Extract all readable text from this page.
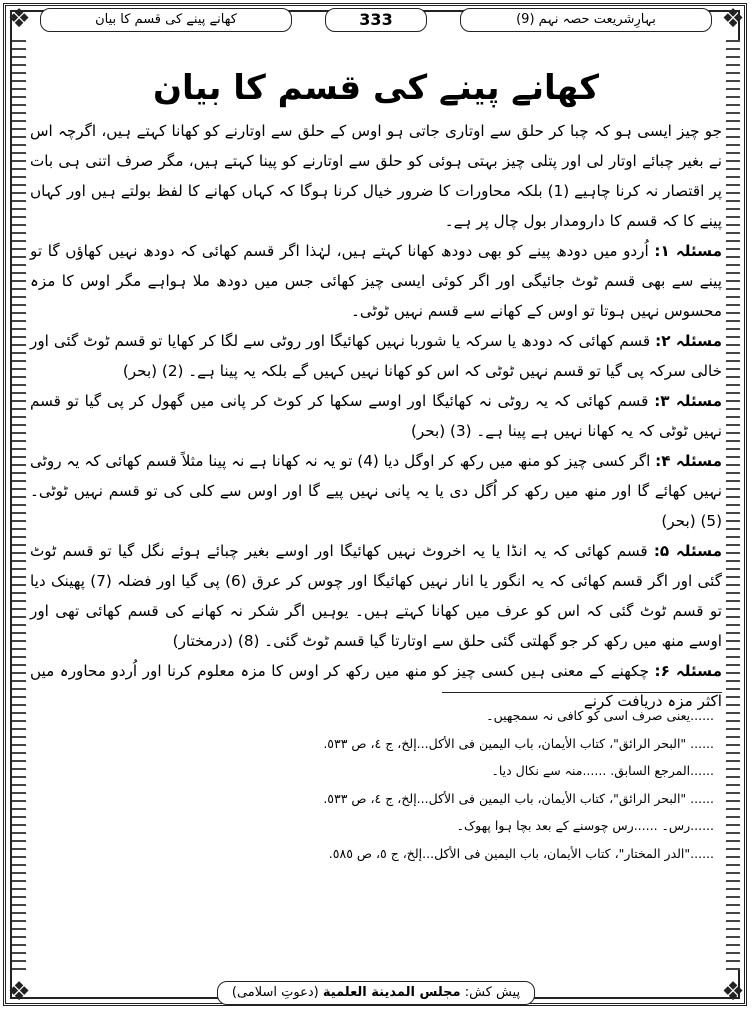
❖	❖
❖	❖
بہارِشریعت حصہ نہم (9)
333
کھانے پینے کی قسم کا بیان
کھانے پینے کی قسم کا بیان

جو چیز ایسی ہو کہ چبا کر حلق سے اوتاری جاتی ہو اوس کے حلق سے اوتارنے کو کھانا کہتے ہیں، اگرچہ اس نے بغیر چبائے اوتار لی اور پتلی چیز بہتی ہوئی کو حلق سے اوتارنے کو پینا کہتے ہیں، مگر صرف اتنی ہی بات پر اقتصار نہ کرنا چاہیے (1) بلکہ محاورات کا ضرور خیال کرنا ہوگا کہ کہاں کھانے کا لفظ بولتے ہیں اور کہاں پینے کا کہ قسم کا دارومدار بول چال پر ہے۔

مسئلہ ۱: اُردو میں دودھ پینے کو بھی دودھ کھانا کہتے ہیں، لہٰذا اگر قسم کھائی کہ دودھ نہیں کھاؤں گا تو پینے سے بھی قسم ٹوٹ جائیگی اور اگر کوئی ایسی چیز کھائی جس میں دودھ ملا ہواہے مگر اوس کا مزہ محسوس نہیں ہوتا تو اوس کے کھانے سے قسم نہیں ٹوٹی۔

مسئلہ ۲: قسم کھائی کہ دودھ یا سرکہ یا شوربا نہیں کھائیگا اور روٹی سے لگا کر کھایا تو قسم ٹوٹ گئی اور خالی سرکہ پی گیا تو قسم نہیں ٹوٹی کہ اس کو کھانا نہیں کہیں گے بلکہ یہ پینا ہے۔ (2) (بحر)

مسئلہ ۳: قسم کھائی کہ یہ روٹی نہ کھائیگا اور اوسے سکھا کر کوٹ کر پانی میں گھول کر پی گیا تو قسم نہیں ٹوٹی کہ یہ کھانا نہیں ہے پینا ہے۔ (3) (بحر)

مسئلہ ۴: اگر کسی چیز کو منھ میں رکھ کر اوگل دیا (4) تو یہ نہ کھانا ہے نہ پینا مثلاً قسم کھائی کہ یہ روٹی نہیں کھائے گا اور منھ میں رکھ کر اُگل دی یا یہ پانی نہیں پیے گا اور اوس سے کلی کی تو قسم نہیں ٹوٹی۔ (5) (بحر)

مسئلہ ۵: قسم کھائی کہ یہ انڈا یا یہ اخروٹ نہیں کھائیگا اور اوسے بغیر چبائے ہوئے نگل گیا تو قسم ٹوٹ گئی اور اگر قسم کھائی کہ یہ انگور یا انار نہیں کھائیگا اور چوس کر عرق (6) پی گیا اور فضلہ (7) پھینک دیا تو قسم ٹوٹ گئی کہ اس کو عرف میں کھانا کہتے ہیں۔ یوہیں اگر شکر نہ کھانے کی قسم کھائی تھی اور اوسے منھ میں رکھ کر جو گھلتی گئی حلق سے اوتارتا گیا قسم ٹوٹ گئی۔ (8) (درمختار)

مسئلہ ۶: چکھنے کے معنی ہیں کسی چیز کو منھ میں رکھ کر اوس کا مزہ معلوم کرنا اور اُردو محاورہ میں اکثر مزہ دریافت کرنے

......یعنی صرف اسی کو کافی نہ سمجھیں۔
...... "البحر الرائق"، كتاب الأيمان، باب اليمين فى الأكل...إلخ، ج ٤، ص ٥٣٣.
......المرجع السابق. ......منہ سے نکال دیا۔
...... "البحر الرائق"، كتاب الأيمان، باب اليمين فى الأكل...إلخ، ج ٤، ص ٥٣٣.
......رس۔ ......رس چوسنے کے بعد بچا ہوا پھوک۔
......"الدر المختار"، كتاب الأيمان، باب اليمين فى الأكل...إلخ، ج ٥، ص ٥٨٥.
پیش کش: مجلس المدينة العلمية (دعوتِ اسلامی)
